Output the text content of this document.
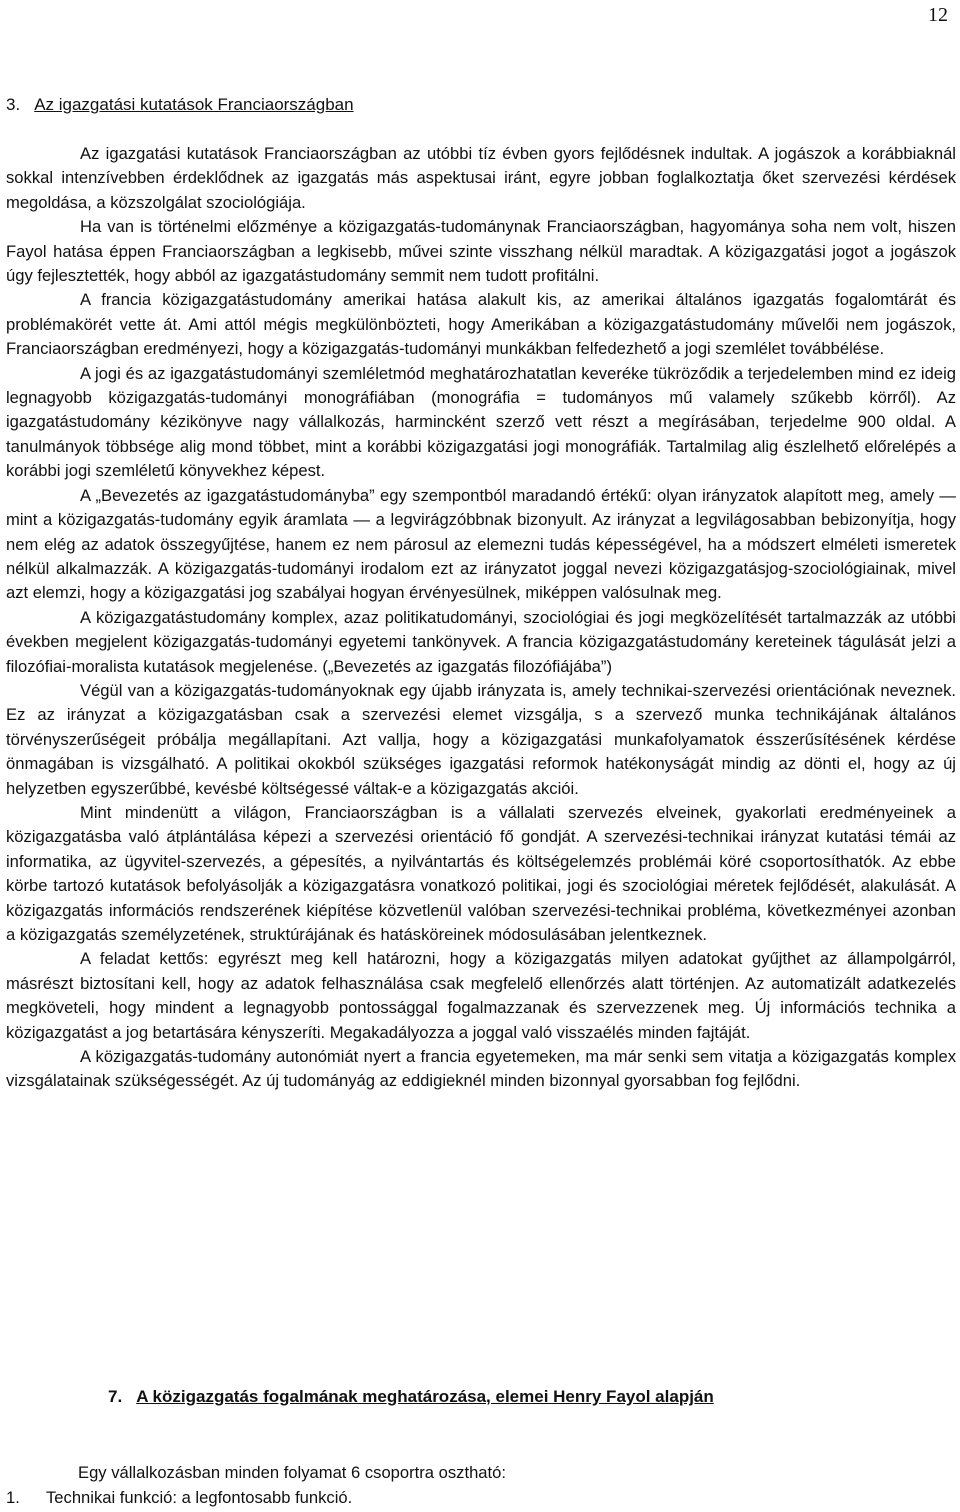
12
3. Az igazgatási kutatások Franciaországban

Az igazgatási kutatások Franciaországban az utóbbi tíz évben gyors fejlődésnek indultak. A jogászok a korábbiaknál sokkal intenzívebben érdeklődnek az igazgatás más aspektusai iránt, egyre jobban foglalkoztatja őket szervezési kérdések megoldása, a közszolgálat szociológiája.

Ha van is történelmi előzménye a közigazgatás-tudománynak Franciaországban, hagyománya soha nem volt, hiszen Fayol hatása éppen Franciaországban a legkisebb, művei szinte visszhang nélkül maradtak. A közigazgatási jogot a jogászok úgy fejlesztették, hogy abból az igazgatástudomány semmit nem tudott profitálni.

A francia közigazgatástudomány amerikai hatása alakult kis, az amerikai általános igazgatás fogalomtárát és problémakörét vette át. Ami attól mégis megkülönbözteti, hogy Amerikában a közigazgatástudomány művelői nem jogászok, Franciaországban eredményezi, hogy a közigazgatás-tudományi munkákban felfedezhető a jogi szemlélet továbbélése.

A jogi és az igazgatástudományi szemléletmód meghatározhatatlan keveréke tükröződik a terjedelemben mind ez ideig legnagyobb közigazgatás-tudományi monográfiában (monográfia = tudományos mű valamely szűkebb körről). Az igazgatástudomány kézikönyve nagy vállalkozás, harmincként szerző vett részt a megírásában, terjedelme 900 oldal. A tanulmányok többsége alig mond többet, mint a korábbi közigazgatási jogi monográfiák. Tartalmilag alig észlelhető előrelépés a korábbi jogi szemléletű könyvekhez képest.

A „Bevezetés az igazgatástudományba” egy szempontból maradandó értékű: olyan irányzatok alapított meg, amely — mint a közigazgatás-tudomány egyik áramlata — a legvirágzóbbnak bizonyult. Az irányzat a legvilágosabban bebizonyítja, hogy nem elég az adatok összegyűjtése, hanem ez nem párosul az elemezni tudás képességével, ha a módszert elméleti ismeretek nélkül alkalmazzák. A közigazgatás-tudományi irodalom ezt az irányzatot joggal nevezi közigazgatásjog-szociológiainak, mivel azt elemzi, hogy a közigazgatási jog szabályai hogyan érvényesülnek, miképpen valósulnak meg.

A közigazgatástudomány komplex, azaz politikatudományi, szociológiai és jogi megközelítését tartalmazzák az utóbbi években megjelent közigazgatás-tudományi egyetemi tankönyvek. A francia közigazgatástudomány kereteinek tágulását jelzi a filozófiai-moralista kutatások megjelenése. („Bevezetés az igazgatás filozófiájába”)

Végül van a közigazgatás-tudományoknak egy újabb irányzata is, amely technikai-szervezési orientációnak neveznek. Ez az irányzat a közigazgatásban csak a szervezési elemet vizsgálja, s a szervező munka technikájának általános törvényszerűségeit próbálja megállapítani. Azt vallja, hogy a közigazgatási munkafolyamatok ésszerűsítésének kérdése önmagában is vizsgálható. A politikai okokból szükséges igazgatási reformok hatékonyságát mindig az dönti el, hogy az új helyzetben egyszerűbbé, kevésbé költségessé váltak-e a közigazgatás akciói.

Mint mindenütt a világon, Franciaországban is a vállalati szervezés elveinek, gyakorlati eredményeinek a közigazgatásba való átplántálása képezi a szervezési orientáció fő gondját. A szervezési-technikai irányzat kutatási témái az informatika, az ügyvitel-szervezés, a gépesítés, a nyilvántartás és költségelemzés problémái köré csoportosíthatók. Az ebbe körbe tartozó kutatások befolyásolják a közigazgatásra vonatkozó politikai, jogi és szociológiai méretek fejlődését, alakulását. A közigazgatás információs rendszerének kiépítése közvetlenül valóban szervezési-technikai probléma, következményei azonban a közigazgatás személyzetének, struktúrájának és hatásköreinek módosulásában jelentkeznek.

A feladat kettős: egyrészt meg kell határozni, hogy a közigazgatás milyen adatokat gyűjthet az állampolgárról, másrészt biztosítani kell, hogy az adatok felhasználása csak megfelelő ellenőrzés alatt történjen. Az automatizált adatkezelés megköveteli, hogy mindent a legnagyobb pontossággal fogalmazzanak és szervezzenek meg. Új információs technika a közigazgatást a jog betartására kényszeríti. Megakadályozza a joggal való visszaélés minden fajtáját.

A közigazgatás-tudomány autonómiát nyert a francia egyetemeken, ma már senki sem vitatja a közigazgatás komplex vizsgálatainak szükségességét. Az új tudományág az eddigieknél minden bizonnyal gyorsabban fog fejlődni.

7. A közigazgatás fogalmának meghatározása, elemei Henry Fayol alapján
Egy vállalkozásban minden folyamat 6 csoportra osztható:
1. Technikai funkció: a legfontosabb funkció.
